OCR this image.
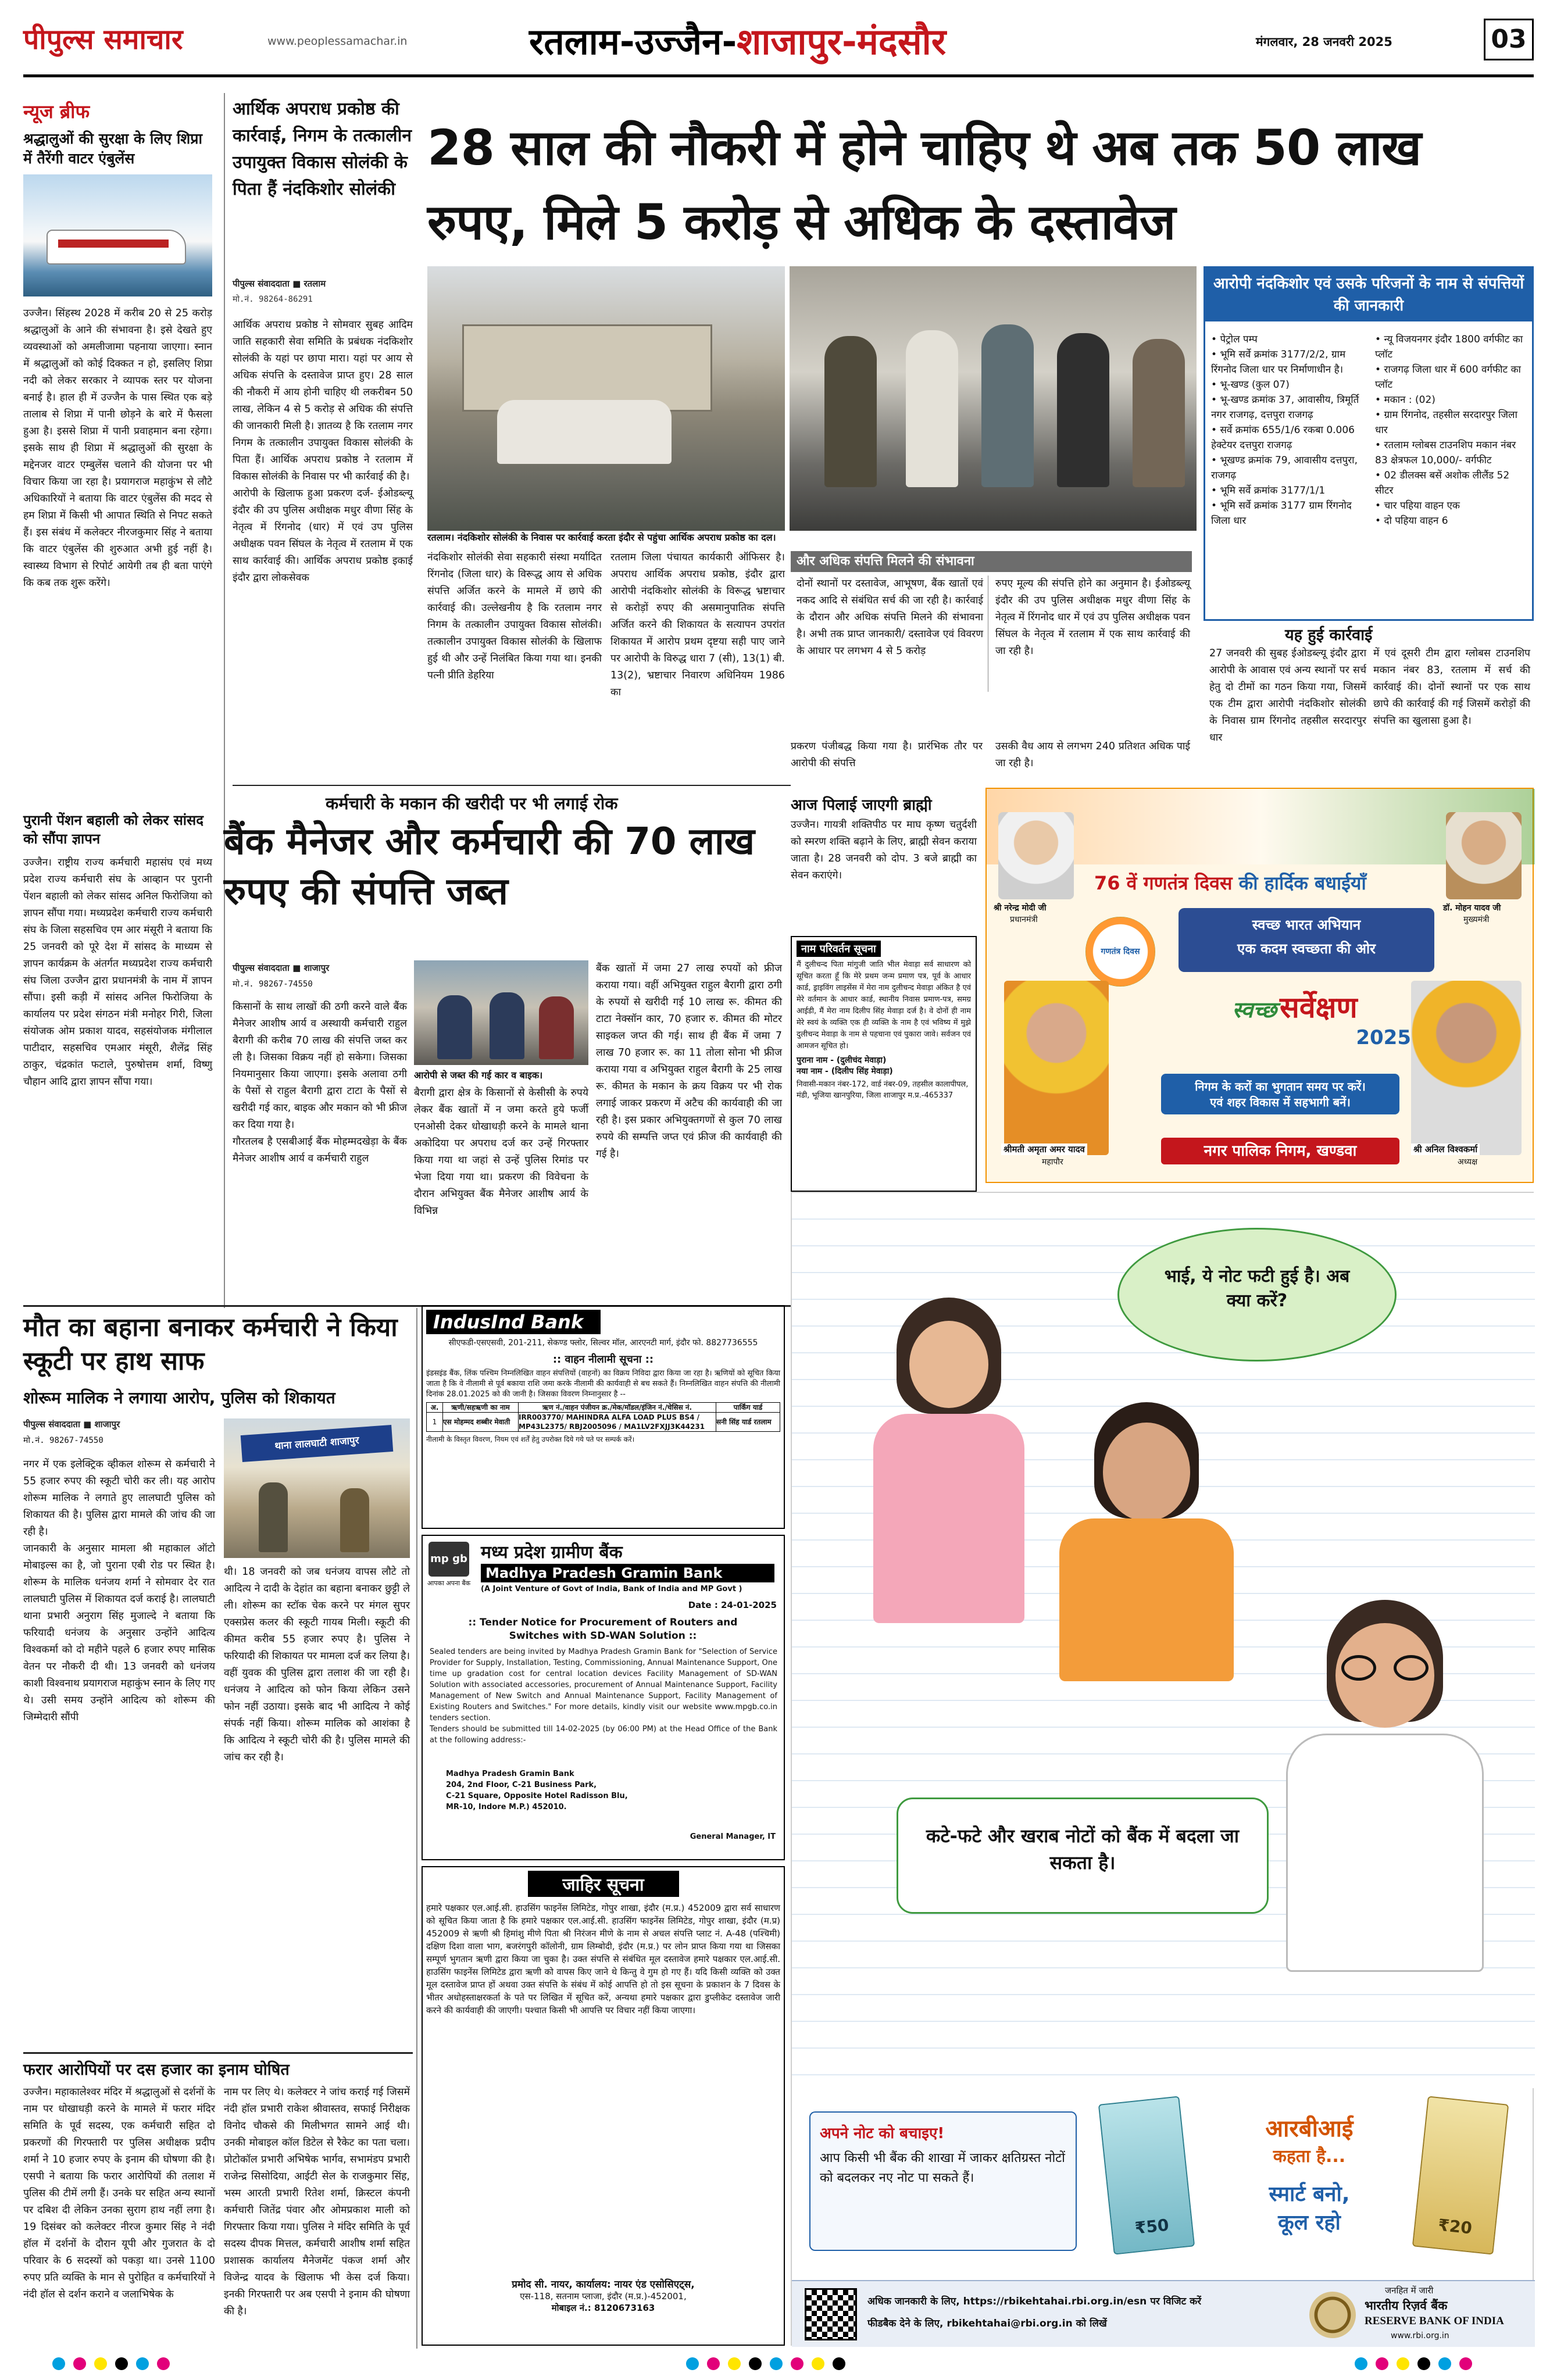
पीपुल्स समाचार	www.peoplessamachar.in	रतलाम-उज्जैन-शाजापुर-मंदसौर	मंगलवार, 28 जनवरी 2025	03
न्यूज ब्रीफ
श्रद्धालुओं की सुरक्षा के लिए शिप्रा में तैरेंगी वाटर एंबुलेंस
उज्जैन। सिंहस्थ 2028 में करीब 20 से 25 करोड़ श्रद्धालुओं के आने की संभावना है। इसे देखते हुए व्यवस्थाओं को अमलीजामा पहनाया जाएगा। स्नान में श्रद्धालुओं को कोई दिक्कत न हो, इसलिए शिप्रा नदी को लेकर सरकार ने व्यापक स्तर पर योजना बनाई है। हाल ही में उज्जैन के पास स्थित एक बड़े तालाब से शिप्रा में पानी छोड़ने के बारे में फैसला हुआ है। इससे शिप्रा में पानी प्रवाहमान बना रहेगा। इसके साथ ही शिप्रा में श्रद्धालुओं की सुरक्षा के मद्देनजर वाटर एम्बुलेंस चलाने की योजना पर भी विचार किया जा रहा है। प्रयागराज महाकुंभ से लौटे अधिकारियों ने बताया कि वाटर एंबुलेंस की मदद से हम शिप्रा में किसी भी आपात स्थिति से निपट सकते हैं। इस संबंध में कलेक्टर नीरजकुमार सिंह ने बताया कि वाटर एंबुलेंस की शुरुआत अभी हुई नहीं है। स्वास्थ्य विभाग से रिपोर्ट आयेगी तब ही बता पाएंगे कि कब तक शुरू करेंगे।
पुरानी पेंशन बहाली को लेकर सांसद को सौंपा ज्ञापन
उज्जैन। राष्ट्रीय राज्य कर्मचारी महासंघ एवं मध्य प्रदेश राज्य कर्मचारी संघ के आव्हान पर पुरानी पेंशन बहाली को लेकर सांसद अनिल फिरोजिया को ज्ञापन सौंपा गया। मध्यप्रदेश कर्मचारी राज्य कर्मचारी संघ के जिला सहसचिव एम आर मंसूरी ने बताया कि 25 जनवरी को पूरे देश में सांसद के माध्यम से ज्ञापन कार्यक्रम के अंतर्गत मध्यप्रदेश राज्य कर्मचारी संघ जिला उज्जैन द्वारा प्रधानमंत्री के नाम में ज्ञापन सौंपा। इसी कड़ी में सांसद अनिल फिरोजिया के कार्यालय पर प्रदेश संगठन मंत्री मनोहर गिरी, जिला संयोजक ओम प्रकाश यादव, सहसंयोजक मंगीलाल पाटीदार, सहसचिव एमआर मंसूरी, शैलेंद्र सिंह ठाकुर, चंद्रकांत फटाले, पुरुषोत्तम शर्मा, विष्णु चौहान आदि द्वारा ज्ञापन सौंपा गया।
आर्थिक अपराध प्रकोष्ठ की कार्रवाई, निगम के तत्कालीन उपायुक्त विकास सोलंकी के पिता हैं नंदकिशोर सोलंकी
पीपुल्स संवाददाता ■ रतलाम
मो.नं. 98264-86291
आर्थिक अपराध प्रकोष्ठ ने सोमवार सुबह आदिम जाति सहकारी सेवा समिति के प्रबंधक नंदकिशोर सोलंकी के यहां पर छापा मारा। यहां पर आय से अधिक संपत्ति के दस्तावेज प्राप्त हुए। 28 साल की नौकरी में आय होनी चाहिए थी लकरीबन 50 लाख, लेकिन 4 से 5 करोड़ से अधिक की संपत्ति की जानकारी मिली है। ज्ञातव्य है कि रतलाम नगर निगम के तत्कालीन उपायुक्त विकास सोलंकी के पिता हैं। आर्थिक अपराध प्रकोष्ठ ने रतलाम में विकास सोलंकी के निवास पर भी कार्रवाई की है।
आरोपी के खिलाफ हुआ प्रकरण दर्ज- ईओडब्ल्यू इंदौर की उप पुलिस अधीक्षक मधुर वीणा सिंह के नेतृत्व में रिंगनोद (धार) में एवं उप पुलिस अधीक्षक पवन सिंघल के नेतृत्व में रतलाम में एक साथ कार्रवाई की। आर्थिक अपराध प्रकोष्ठ इकाई इंदौर द्वारा लोकसेवक
28 साल की नौकरी में होने चाहिए थे अब तक 50 लाख रुपए, मिले 5 करोड़ से अधिक के दस्तावेज
रतलाम। नंदकिशोर सोलंकी के निवास पर कार्रवाई करता इंदौर से पहुंचा आर्थिक अपराध प्रकोष्ठ का दल।
नंदकिशोर सोलंकी सेवा सहकारी संस्था मर्यादित रिंगनोद (जिला धार) के विरूद्ध आय से अधिक संपत्ति अर्जित करने के मामले में छापे की कार्रवाई की। उल्लेखनीय है कि रतलाम नगर निगम के तत्कालीन उपायुक्त विकास सोलंकी। तत्कालीन उपायुक्त विकास सोलंकी के खिलाफ हुई थी और उन्हें निलंबित किया गया था। इनकी पत्नी प्रीति डेहरिया
रतलाम जिला पंचायत कार्यकारी ऑफिसर है। अपराध आर्थिक अपराध प्रकोष्ठ, इंदौर द्वारा आरोपी नंदकिशोर सोलंकी के विरूद्ध भ्रष्टाचार से करोड़ों रुपए की असमानुपातिक संपत्ति अर्जित करने की शिकायत के सत्यापन उपरांत शिकायत में आरोप प्रथम दृष्टया सही पाए जाने पर आरोपी के विरुद्ध धारा 7 (सी), 13(1) बी. 13(2), भ्रष्टाचार निवारण अधिनियम 1986 का
और अधिक संपत्ति मिलने की संभावना
दोनों स्थानों पर दस्तावेज, आभूषण, बैंक खातों एवं नकद आदि से संबंधित सर्च की जा रही है। कार्रवाई के दौरान और अधिक संपत्ति मिलने की संभावना है। अभी तक प्राप्त जानकारी/ दस्तावेज एवं विवरण के आधार पर लगभग 4 से 5 करोड़
रुपए मूल्य की संपत्ति होने का अनुमान है। ईओडब्ल्यू इंदौर की उप पुलिस अधीक्षक मधुर वीणा सिंह के नेतृत्व में रिंगनोद धार में एवं उप पुलिस अधीक्षक पवन सिंघल के नेतृत्व में रतलाम में एक साथ कार्रवाई की जा रही है।
प्रकरण पंजीबद्ध किया गया है। प्रारंभिक तौर पर आरोपी की संपत्ति
उसकी वैध आय से लगभग 240 प्रतिशत अधिक पाई जा रही है।
आरोपी नंदकिशोर एवं उसके परिजनों के नाम से संपत्तियों की जानकारी
• पेट्रोल पम्प
• भूमि सर्वे क्रमांक 3177/2/2, ग्राम रिंगनोद जिला धार पर निर्माणाधीन है।
• भू-खण्ड (कुल 07)
• भू-खण्ड क्रमांक 37, आवासीय, त्रिमूर्ति नगर राजगढ़, दत्तपुरा राजगढ़
• सर्वे क्रमांक 655/1/6 रकबा 0.006 हेक्टेयर दत्तपुरा राजगढ़
• भूखण्ड क्रमांक 79, आवासीय दत्तपुरा, राजगढ़
• भूमि सर्वे क्रमांक 3177/1/1
• भूमि सर्वे क्रमांक 3177 ग्राम रिंगनोद जिला धार
• न्यू विजयनगर इंदौर 1800 वर्गफीट का प्लॉट
• राजगढ़ जिला धार में 600 वर्गफीट का प्लॉट
• मकान : (02)
• ग्राम रिंगनोद, तहसील सरदारपुर जिला धार
• रतलाम ग्लोबस टाउनशिप मकान नंबर 83 क्षेत्रफल 10,000/- वर्गफीट
• 02 डीलक्स बसें अशोक लीलैंड 52 सीटर
• चार पहिया वाहन एक
• दो पहिया वाहन 6
यह हुई कार्रवाई
27 जनवरी की सुबह ईओडब्ल्यू इंदौर द्वारा आरोपी के आवास एवं अन्य स्थानों पर सर्च हेतु दो टीमों का गठन किया गया, जिसमें एक टीम द्वारा आरोपी नंदकिशोर सोलंकी के निवास ग्राम रिंगनोद तहसील सरदारपुर धार
में एवं दूसरी टीम द्वारा ग्लोबस टाउनशिप मकान नंबर 83, रतलाम में सर्च की कार्रवाई की। दोनों स्थानों पर एक साथ छापे की कार्रवाई की गई जिसमें करोड़ों की संपत्ति का खुलासा हुआ है।
कर्मचारी के मकान की खरीदी पर भी लगाई रोक
बैंक मैनेजर और कर्मचारी की 70 लाख रुपए की संपत्ति जब्त
पीपुल्स संवाददाता ■ शाजापुर
मो.नं. 98267-74550
किसानों के साथ लाखों की ठगी करने वाले बैंक मैनेजर आशीष आर्य व अस्थायी कर्मचारी राहुल बैरागी की करीब 70 लाख की संपत्ति जब्त कर ली है। जिसका विक्रय नहीं हो सकेगा। जिसका नियमानुसार किया जाएगा। इसके अलावा ठगी के पैसों से राहुल बैरागी द्वारा टाटा के पैसों से खरीदी गई कार, बाइक और मकान को भी फ्रीज कर दिया गया है।
गौरतलब है एसबीआई बैंक मोहम्मदखेड़ा के बैंक मैनेजर आशीष आर्य व कर्मचारी राहुल
आरोपी से जब्त की गई कार व बाइक।
बैरागी द्वारा क्षेत्र के किसानों से केसीसी के रुपये लेकर बैंक खातों में न जमा करते हुये फर्जी एनओसी देकर धोखाधड़ी करने के मामले थाना अकोदिया पर अपराध दर्ज कर उन्हें गिरफ्तार किया गया था जहां से उन्हें पुलिस रिमांड पर भेजा दिया गया था। प्रकरण की विवेचना के दौरान अभियुक्त बैंक मैनेजर आशीष आर्य के विभिन्न
बैंक खातों में जमा 27 लाख रुपयों को फ्रीज कराया गया। वहीं अभियुक्त राहुल बैरागी द्वारा ठगी के रुपयों से खरीदी गई 10 लाख रू. कीमत की टाटा नेक्सॉन कार, 70 हजार रु. कीमत की मोटर साइकल जप्त की गई। साथ ही बैंक में जमा 7 लाख 70 हजार रू. का 11 तोला सोना भी फ्रीज कराया गया व अभियुक्त राहुल बैरागी के 25 लाख रू. कीमत के मकान के क्रय विक्रय पर भी रोक लगाई जाकर प्रकरण में अटैच की कार्यवाही की जा रही है। इस प्रकार अभियुक्तगणों से कुल 70 लाख रुपये की सम्पत्ति जप्त एवं फ्रीज की कार्यवाही की गई है।
आज पिलाई जाएगी ब्राह्मी
उज्जैन। गायत्री शक्तिपीठ पर माघ कृष्ण चतुर्दशी को स्मरण शक्ति बढ़ाने के लिए, ब्राह्मी सेवन कराया जाता है। 28 जनवरी को दोप. 3 बजे ब्राह्मी का सेवन कराएंगे।
नाम परिवर्तन सूचना
मैं दुलीचन्द पिता मांगुजी जाति भील मेवाड़ा सर्व साधारण को सूचित करता हूँ कि मेरे प्रथम जन्म प्रमाण पत्र, पूर्व के आधार कार्ड, ड्राइविंग लाइसेंस में मेरा नाम दुलीचन्द मेवाड़ा अंकित है एवं मेरे वर्तमान के आधार कार्ड, स्थानीय निवास प्रमाण-पत्र, समग्र आईडी, मैं मेरा नाम दिलीप सिंह मेवाड़ा दर्ज है। वे दोनों ही नाम मेरे स्वयं के व्यक्ति एक ही व्यक्ति के नाम है एवं भविष्य में मुझे दुलीचन्द मेवाड़ा के नाम से पहचाना एवं पुकारा जावे। सर्वजन एवं आमजन सूचित हो।
पुराना नाम - (दुलीचंद मेवाड़ा)
नया नाम - (दिलीप सिंह मेवाड़ा)
निवासी-मकान नंबर-172, वार्ड नंबर-09, तहसील कालापीपल, मंडी, भूजिया खानपुरिया, जिला शाजापुर म.प्र.-465337
श्री नरेन्द्र मोदी जी
प्रधानमंत्री
डॉ. मोहन यादव जी
मुख्यमंत्री
76 वें गणतंत्र दिवस की हार्दिक बधाईयाँ
गणतंत्र दिवस
स्वच्छ भारत अभियान
एक कदम स्वच्छता की ओर
स्वच्छ सर्वेक्षण
2025
निगम के करों का भुगतान समय पर करें।
एवं शहर विकास में सहभागी बनें।
श्रीमती अमृता अमर यादव
महापौर
श्री अनिल विश्वकर्मा
अध्यक्ष
नगर पालिक निगम, खण्डवा
मौत का बहाना बनाकर कर्मचारी ने किया स्कूटी पर हाथ साफ
शोरूम मालिक ने लगाया आरोप, पुलिस को शिकायत
पीपुल्स संवाददाता ■ शाजापुर
मो.नं. 98267-74550	थाना लालघाटी शाजापुर
नगर में एक इलेक्ट्रिक व्हीकल शोरूम से कर्मचारी ने 55 हजार रुपए की स्कूटी चोरी कर ली। यह आरोप शोरूम मालिक ने लगाते हुए लालघाटी पुलिस को शिकायत की है। पुलिस द्वारा मामले की जांच की जा रही है।
जानकारी के अनुसार मामला श्री महाकाल ऑटो मोबाइल्स का है, जो पुराना एबी रोड पर स्थित है। शोरूम के मालिक धनंजय शर्मा ने सोमवार देर रात लालघाटी पुलिस में शिकायत दर्ज कराई है। लालघाटी थाना प्रभारी अनुराग सिंह मुजाल्दे ने बताया कि फरियादी धनंजय के अनुसार उन्होंने आदित्य विश्वकर्मा को दो महीने पहले 6 हजार रुपए मासिक वेतन पर नौकरी दी थी। 13 जनवरी को धनंजय काशी विश्वनाथ प्रयागराज महाकुंभ स्नान के लिए गए थे। उसी समय उन्होंने आदित्य को शोरूम की जिम्मेदारी सौंपी
थी। 18 जनवरी को जब धनंजय वापस लौटे तो आदित्य ने दादी के देहांत का बहाना बनाकर छुट्टी ले ली। शोरूम का स्टॉक चेक करने पर मंगल सुपर एक्सप्रेस कलर की स्कूटी गायब मिली। स्कूटी की कीमत करीब 55 हजार रुपए है। पुलिस ने फरियादी की शिकायत पर मामला दर्ज कर लिया है। वहीं युवक की पुलिस द्वारा तलाश की जा रही है। धनंजय ने आदित्य को फोन किया लेकिन उसने फोन नहीं उठाया। इसके बाद भी आदित्य ने कोई संपर्क नहीं किया। शोरूम मालिक को आशंका है कि आदित्य ने स्कूटी चोरी की है। पुलिस मामले की जांच कर रही है।
फरार आरोपियों पर दस हजार का इनाम घोषित
उज्जैन। महाकालेश्वर मंदिर में श्रद्धालुओं से दर्शनों के नाम पर धोखाधड़ी करने के मामले में फरार मंदिर समिति के पूर्व सदस्य, एक कर्मचारी सहित दो प्रकरणों की गिरफ्तारी पर पुलिस अधीक्षक प्रदीप शर्मा ने 10 हजार रुपए के इनाम की घोषणा की है। एसपी ने बताया कि फरार आरोपियों की तलाश में पुलिस की टीमें लगी हैं। उनके घर सहित अन्य स्थानों पर दबिश दी लेकिन उनका सुराग हाथ नहीं लगा है। 19 दिसंबर को कलेक्टर नीरज कुमार सिंह ने नंदी हॉल में दर्शनों के दौरान यूपी और गुजरात के दो परिवार के 6 सदस्यों को पकड़ा था। उनसे 1100 रुपए प्रति व्यक्ति के मान से पुरोहित व कर्मचारियों ने नंदी हॉल से दर्शन कराने व जलाभिषेक के
नाम पर लिए थे। कलेक्टर ने जांच कराई गई जिसमें नंदी हॉल प्रभारी राकेश श्रीवास्तव, सफाई निरीक्षक विनोद चौकसे की मिलीभगत सामने आई थी। उनकी मोबाइल कॉल डिटेल से रैकेट का पता चला। प्रोटोकॉल प्रभारी अभिषेक भार्गव, सभामंडप प्रभारी राजेन्द्र सिसोदिया, आईटी सेल के राजकुमार सिंह, भस्म आरती प्रभारी रितेश शर्मा, क्रिस्टल कंपनी कर्मचारी जितेंद्र पंवार और ओमप्रकाश माली को गिरफ्तार किया गया। पुलिस ने मंदिर समिति के पूर्व सदस्य दीपक मित्तल, कर्मचारी आशीष शर्मा सहित प्रशासक कार्यालय मैनेजमेंट पंकज शर्मा और विजेन्द्र यादव के खिलाफ भी केस दर्ज किया। इनकी गिरफ्तारी पर अब एसपी ने इनाम की घोषणा की है।
IndusInd Bank
सीएफडी-एसएसवी, 201-211, सेकण्ड फ्लोर, सिल्वर मॉल, आरएनटी मार्ग, इंदौर फो. 8827736555
:: वाहन नीलामी सूचना ::
इंडसइंड बैंक, लिंक पश्चिम निम्नलिखित वाहन संपत्तियों (वाहनों) का विक्रय निविदा द्वारा किया जा रहा है। ऋणियों को सूचित किया जाता है कि वे नीलामी से पूर्व बकाया राशि जमा करके नीलामी की कार्यवाही से बच सकते हैं। निम्नलिखित वाहन संपत्ति की नीलामी दिनांक 28.01.2025 को की जानी है। जिसका विवरण निम्नानुसार है --
अ.	ऋणी/सहऋणी का नाम	ऋण नं./वाहन पंजीयन क्र./मेक/मॉडल/इंजिन नं./चेसिस नं.	पार्किंग यार्ड
1	एस मोहम्मद शब्बीर मेवाती	IRR003770/ MAHINDRA ALFA LOAD PLUS BS4 / MP43L2375/ RBJ2005096 / MA1LV2FXJJ3K44231	सनी सिंह यार्ड रतलाम
नीलामी के विस्तृत विवरण, नियम एवं शर्तें हेतु उपरोक्त दिये गये पते पर सम्पर्क करें।
mp gb
आपका अपना बैंक
मध्य प्रदेश ग्रामीण बैंक
Madhya Pradesh Gramin Bank
(A Joint Venture of Govt of India, Bank of India and MP Govt )
Date : 24-01-2025
:: Tender Notice for Procurement of Routers and Switches with SD-WAN Solution ::
Sealed tenders are being invited by Madhya Pradesh Gramin Bank for "Selection of Service Provider for Supply, Installation, Testing, Commissioning, Annual Maintenance Support, One time up gradation cost for central location devices Facility Management of SD-WAN Solution with associated accessories, procurement of Annual Maintenance Support, Facility Management of New Switch and Annual Maintenance Support, Facility Management of Existing Routers and Switches." For more details, kindly visit our website www.mpgb.co.in tenders section.
Tenders should be submitted till 14-02-2025 (by 06:00 PM) at the Head Office of the Bank at the following address:-
Madhya Pradesh Gramin Bank
204, 2nd Floor, C-21 Business Park,
C-21 Square, Opposite Hotel Radisson Blu,
MR-10, Indore M.P.) 452010.
General Manager, IT
जाहिर सूचना
हमारे पक्षकार एल.आई.सी. हाउसिंग फाइनेंस लिमिटेड, गोपुर शाखा, इंदौर (म.प्र.) 452009 द्वारा सर्व साधारण को सूचित किया जाता है कि हमारे पक्षकार एल.आई.सी. हाउसिंग फाइनेंस लिमिटेड, गोपुर शाखा, इंदौर (म.प्र) 452009 से ऋणी श्री हिमांशु मीणे पिता श्री निरंजन मीणे के नाम से अचल संपत्ति प्लाट नं. A-48 (पश्चिमी) दक्षिण दिशा वाला भाग, बजरंगपुरी कॉलोनी, ग्राम लिम्बोदी, इंदौर (म.प्र.) पर लोन प्राप्त किया गया था जिसका सम्पूर्ण भुगतान ऋणी द्वारा किया जा चुका है। उक्त संपत्ति से संबंधित मूल दस्तावेज हमारे पक्षकार एल.आई.सी. हाउसिंग फाइनेंस लिमिटेड द्वारा ऋणी को वापस किए जाने थे किन्तु वे गुम हो गए हैं। यदि किसी व्यक्ति को उक्त मूल दस्तावेज प्राप्त हों अथवा उक्त संपत्ति के संबंध में कोई आपत्ति हो तो इस सूचना के प्रकाशन के 7 दिवस के भीतर अधोहस्ताक्षरकर्ता के पते पर लिखित में सूचित करें, अन्यथा हमारे पक्षकार द्वारा डुप्लीकेट दस्तावेज जारी करने की कार्यवाही की जाएगी। पश्चात किसी भी आपत्ति पर विचार नहीं किया जाएगा।
प्रमोद सी. नायर, कार्यालय: नायर एंड एसोसिएट्स,
एस-118, सतनाम प्लाजा, इंदौर (म.प्र.)-452001,
मोबाइल नं.: 8120673163
भाई, ये नोट फटी हुई है। अब क्या करें?
कटे-फटे और खराब नोटों को बैंक में बदला जा सकता है।
अपने नोट को बचाइए!
आप किसी भी बैंक की शाखा में जाकर क्षतिग्रस्त नोटों को बदलकर नए नोट पा सकते हैं।
₹50	₹20
आरबीआई
कहता है...
स्मार्ट बनो,
कूल रहो
अधिक जानकारी के लिए, https://rbikehtahai.rbi.org.in/esn पर विजिट करें
फीडबैक देने के लिए, rbikehtahai@rbi.org.in को लिखें
जनहित में जारी
भारतीय रिज़र्व बैंक
RESERVE BANK OF INDIA
www.rbi.org.in
